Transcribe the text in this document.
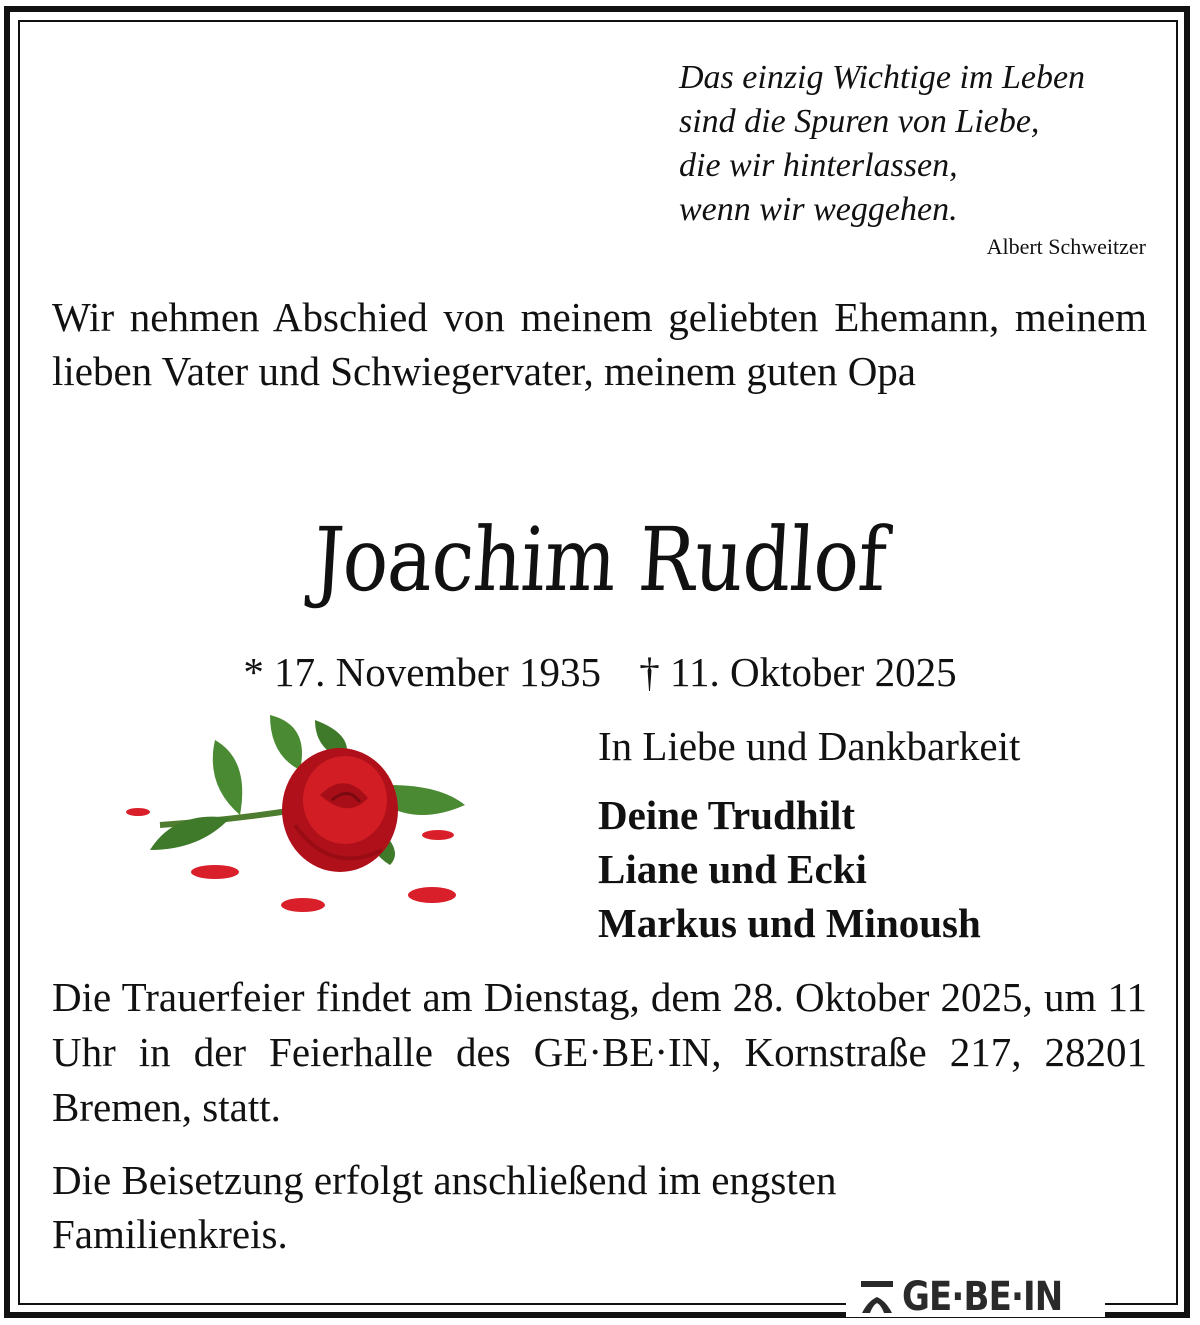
Das einzig Wichtige im Leben
sind die Spuren von Liebe,
die wir hinterlassen,
wenn wir weggehen.
Albert Schweitzer
Wir nehmen Abschied von meinem geliebten Ehemann, meinem lieben Vater und Schwiegervater, meinem guten Opa
Joachim Rudlof
* 17. November 1935 † 11. Oktober 2025
In Liebe und Dankbarkeit
Deine Trudhilt
Liane und Ecki
Markus und Minoush
Die Trauerfeier findet am Dienstag, dem 28. Oktober 2025, um 11 Uhr in der Feierhalle des GE·BE·IN, Kornstraße 217, 28201 Bremen, statt.
Die Beisetzung erfolgt anschließend im engsten Familienkreis.
GE·BE·IN
